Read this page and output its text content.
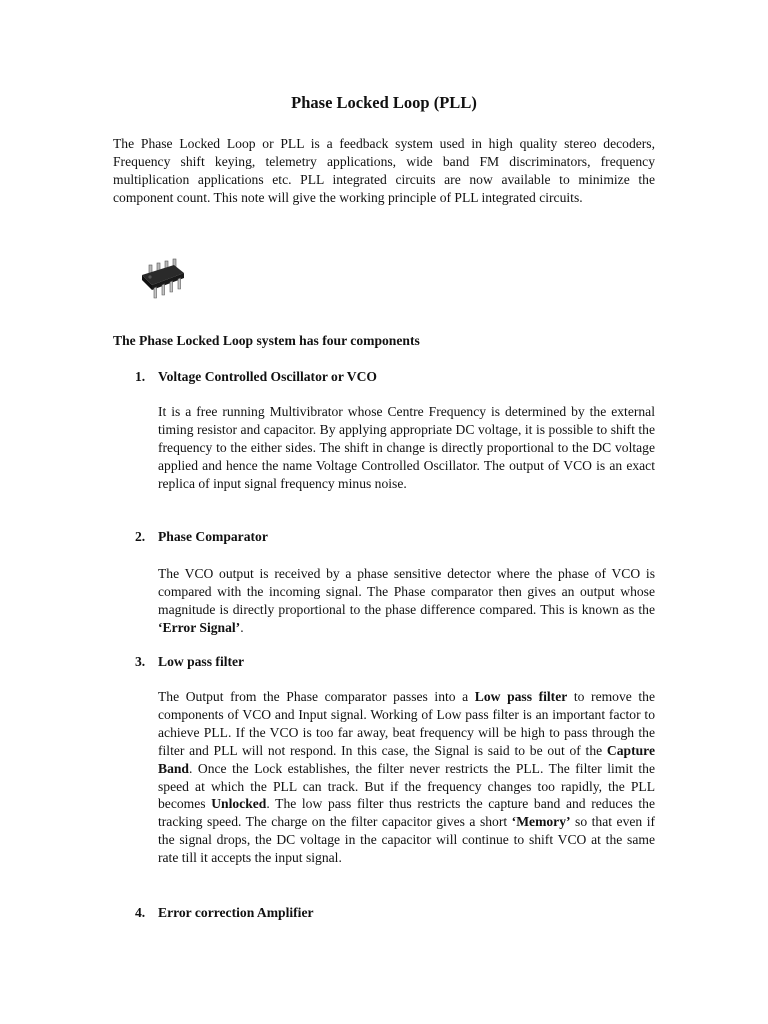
Phase Locked Loop (PLL)

The Phase Locked Loop or PLL is a feedback system used in high quality stereo decoders, Frequency shift keying, telemetry applications, wide band FM discriminators, frequency multiplication applications etc. PLL integrated circuits are now available to minimize the component count. This note will give the working principle of PLL integrated circuits.

The Phase Locked Loop system has four components
1. Voltage Controlled Oscillator or VCO

It is a free running Multivibrator whose Centre Frequency is determined by the external timing resistor and capacitor. By applying appropriate DC voltage, it is possible to shift the frequency to the either sides. The shift in change is directly proportional to the DC voltage applied and hence the name Voltage Controlled Oscillator. The output of VCO is an exact replica of input signal frequency minus noise.

2. Phase Comparator

The VCO output is received by a phase sensitive detector where the phase of VCO is compared with the incoming signal. The Phase comparator then gives an output whose magnitude is directly proportional to the phase difference compared. This is known as the ‘Error Signal’.

3. Low pass filter

The Output from the Phase comparator passes into a Low pass filter to remove the components of VCO and Input signal. Working of Low pass filter is an important factor to achieve PLL. If the VCO is too far away, beat frequency will be high to pass through the filter and PLL will not respond. In this case, the Signal is said to be out of the Capture Band. Once the Lock establishes, the filter never restricts the PLL. The filter limit the speed at which the PLL can track. But if the frequency changes too rapidly, the PLL becomes Unlocked. The low pass filter thus restricts the capture band and reduces the tracking speed. The charge on the filter capacitor gives a short ‘Memory’ so that even if the signal drops, the DC voltage in the capacitor will continue to shift VCO at the same rate till it accepts the input signal.

4. Error correction Amplifier
